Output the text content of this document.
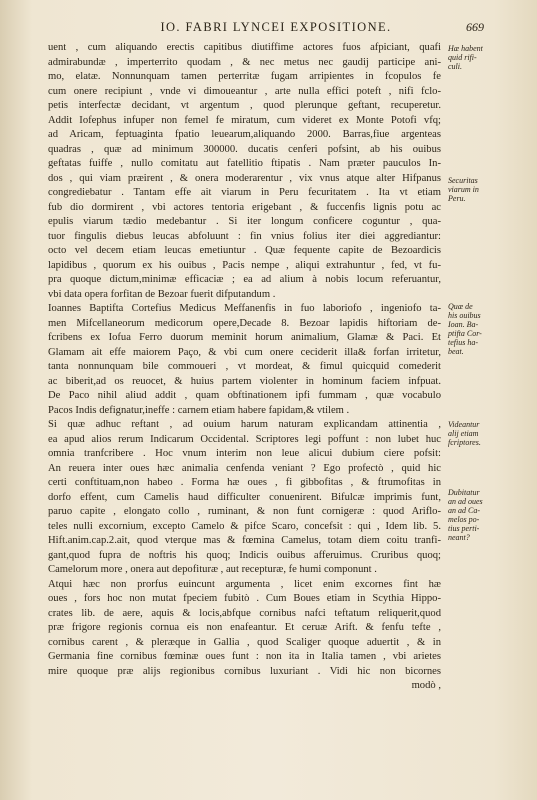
IO. FABRI LYNCEI EXPOSITIONE.	669
uent , cum aliquando erectis capitibus diutiffime actores fuos afpiciant, quafi
admirabundæ , imperterrito quodam , & nec metus nec gaudij participe ani-
mo, elatæ. Nonnunquam tamen perterritæ fugam arripientes in fcopulos fe
cum onere recipiunt , vnde vi dimoueantur , arte nulla effici poteft , nifi fclo-
petis interfectæ decidant, vt argentum , quod plerunque geftant, recuperetur.
Addit Iofephus infuper non femel fe miratum, cum videret ex Monte Potofi vfq;
ad Aricam, feptuaginta fpatio leuearum,aliquando 2000. Barras,fiue argenteas
quadras , quæ ad minimum 300000. ducatis cenferi pofsint, ab his ouibus
geftatas fuiffe , nullo comitatu aut fatellitio ftipatis . Nam præter pauculos In-
dos , qui viam præirent , & onera moderarentur , vix vnus atque alter Hifpanus
congrediebatur . Tantam effe ait viarum in Peru fecuritatem . Ita vt etiam
fub dio dormirent , vbi actores tentoria erigebant , & fuccenfis lignis potu ac
epulis viarum tædio medebantur . Si iter longum conficere coguntur , qua-
tuor fingulis diebus leucas abfoluunt : fin vnius folius iter diei aggrediantur:
octo vel decem etiam leucas emetiuntur . Quæ fequente capite de Bezoardicis
lapidibus , quorum ex his ouibus , Pacis nempe , aliqui extrahuntur , fed, vt fu-
pra quoque dictum,minimæ efficaciæ ; ea ad alium à nobis locum referuantur,
vbi data opera forfitan de Bezoar fuerit difputandum .
Ioannes Baptifta Cortefius Medicus Meffanenfis in fuo laboriofo , ingeniofo ta-
men Mifcellaneorum medicorum opere,Decade 8. Bezoar lapidis hiftoriam de-
fcribens ex Iofua Ferro duorum meminit horum animalium, Glamæ & Paci. Et
Glamam ait effe maiorem Paço, & vbi cum onere ceciderit illa& forfan irritetur,
tanta nonnunquam bile commoueri , vt mordeat, & fimul quicquid comederit
ac biberit,ad os reuocet, & huius partem violenter in hominum faciem infpuat.
De Paco nihil aliud addit , quam obftinationem ipfi fummam , quæ vocabulo
Pacos Indis defignatur,ineffe : carnem etiam habere fapidam,& vtilem .
Si quæ adhuc reftant , ad ouium harum naturam explicandam attinentia ,
ea apud alios rerum Indicarum Occidental. Scriptores legi poffunt : non lubet huc
omnia tranfcribere . Hoc vnum interim non leue alicui dubium ciere pofsit:
An reuera inter oues hæc animalia cenfenda veniant ? Ego profectò , quid hic
certi conftituam,non habeo . Forma hæ oues , fi gibbofitas , & ftrumofitas in
dorfo effent, cum Camelis haud difficulter conuenirent. Bifulcæ imprimis funt,
paruo capite , elongato collo , ruminant, & non funt cornigeræ : quod Ariflo-
teles nulli excornium, excepto Camelo & pifce Scaro, concefsit : qui , Idem lib. 5.
Hift.anim.cap.2.ait, quod vterque mas & fœmina Camelus, totam diem coitu tranfi-
gant,quod fupra de noftris his quoq; Indicis ouibus afferuimus. Cruribus quoq;
Camelorum more , onera aut depofituræ , aut recepturæ, fe humi componunt .
Atqui hæc non prorfus euincunt argumenta , licet enim excornes fint hæ
oues , fors hoc non mutat fpeciem fubitò . Cum Boues etiam in Scythia Hippo-
crates lib. de aere, aquis & locis,abfque cornibus nafci teftatum reliquerit,quod
præ frigore regionis cornua eis non enafeantur. Et ceruæ Arift. & fenfu tefte ,
cornibus carent , & pleræque in Gallia , quod Scaliger quoque aduertit , & in
Germania fine cornibus fœminæ oues funt : non ita in Italia tamen , vbi arietes
mire quoque præ alijs regionibus cornibus luxuriant . Vidi hic non bicornes
modò ,
Hæ habent
quid rifi-
culi.
Securitas
viarum in
Peru.
Quæ de
his ouibus
Ioan. Ba-
ptifta Cor-
tefius ha-
beat.
Videantur
alij etiam
fcriptores.
Dubitatur
an ad oues
an ad Ca-
melos po-
tius perti-
neant?
